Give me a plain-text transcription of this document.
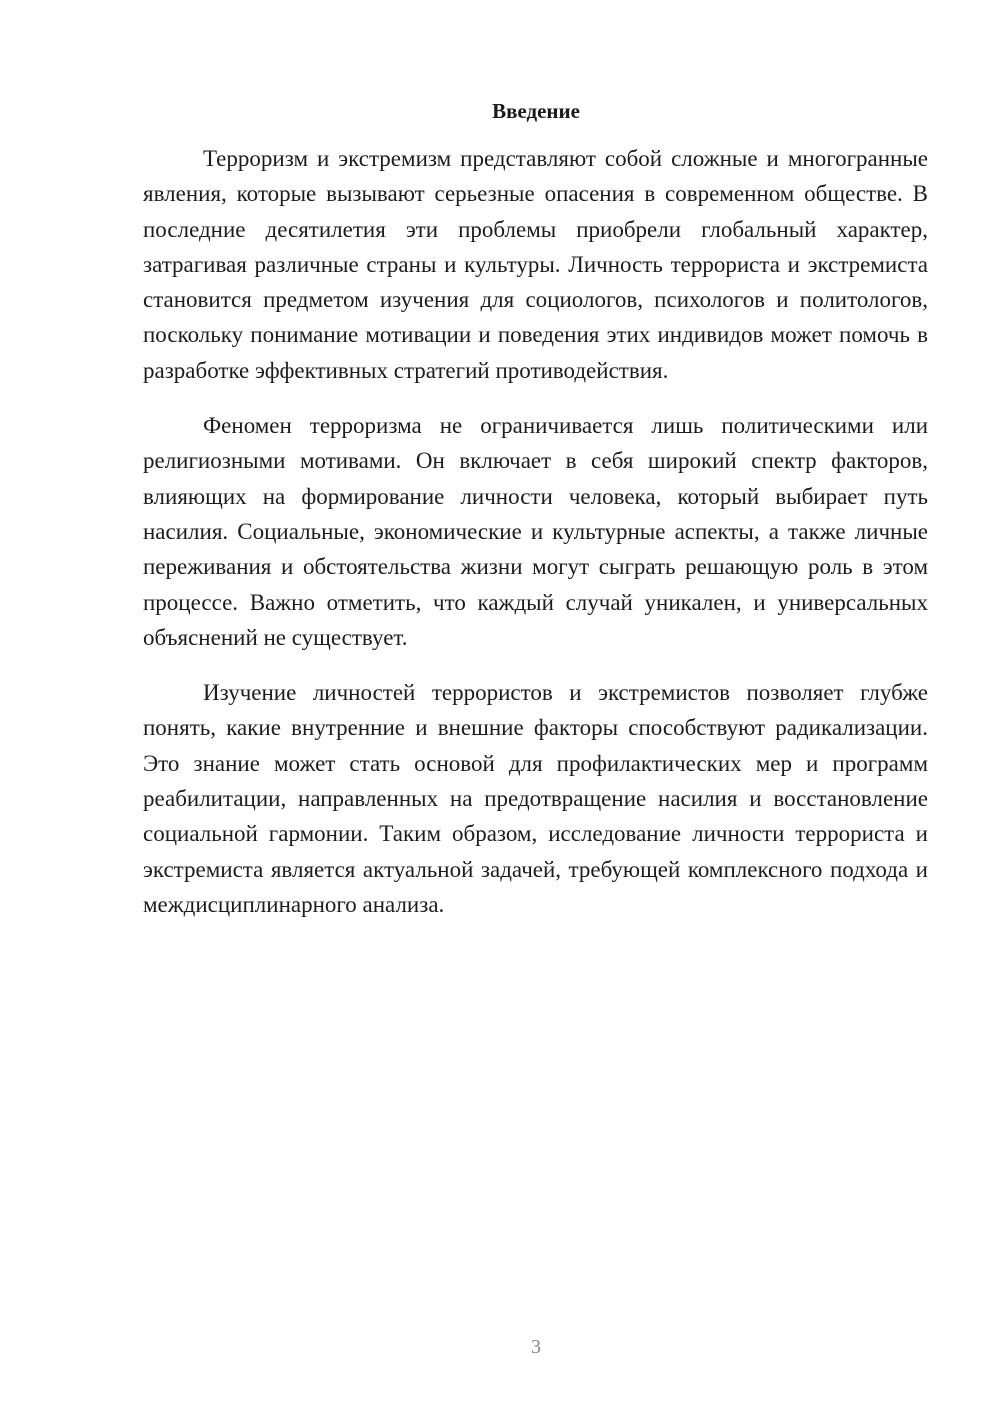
Введение

Терроризм и экстремизм представляют собой сложные и многогранные явления, которые вызывают серьезные опасения в современном обществе. В последние десятилетия эти проблемы приобрели глобальный характер, затрагивая различные страны и культуры. Личность террориста и экстремиста становится предметом изучения для социологов, психологов и политологов, поскольку понимание мотивации и поведения этих индивидов может помочь в разработке эффективных стратегий противодействия.

Феномен терроризма не ограничивается лишь политическими или религиозными мотивами. Он включает в себя широкий спектр факторов, влияющих на формирование личности человека, который выбирает путь насилия. Социальные, экономические и культурные аспекты, а также личные переживания и обстоятельства жизни могут сыграть решающую роль в этом процессе. Важно отметить, что каждый случай уникален, и универсальных объяснений не существует.

Изучение личностей террористов и экстремистов позволяет глубже понять, какие внутренние и внешние факторы способствуют радикализации. Это знание может стать основой для профилактических мер и программ реабилитации, направленных на предотвращение насилия и восстановление социальной гармонии. Таким образом, исследование личности террориста и экстремиста является актуальной задачей, требующей комплексного подхода и междисциплинарного анализа.

3
